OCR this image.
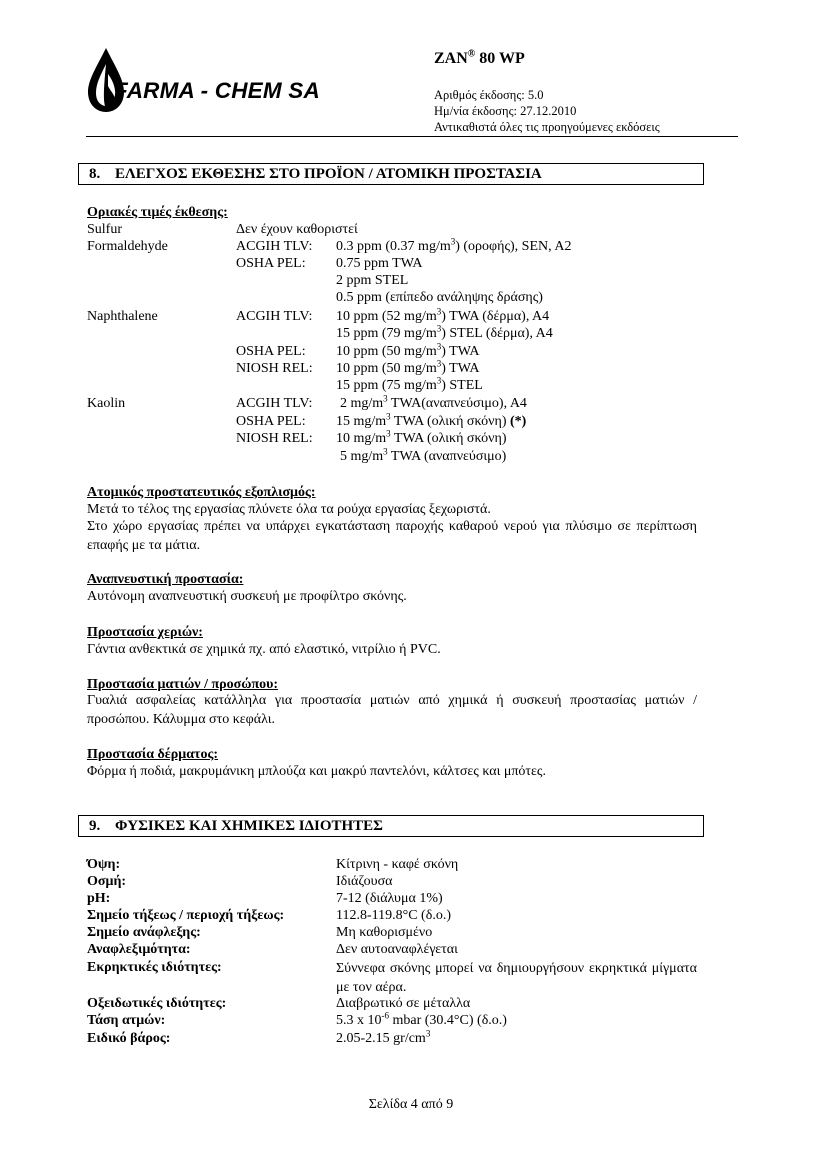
FARMA - CHEM SA
ZAN® 80 WP
Αριθμός έκδοσης: 5.0
Ημ/νία έκδοσης: 27.12.2010
Αντικαθιστά όλες τις προηγούμενες εκδόσεις
8. ΕΛΕΓΧΟΣ ΕΚΘΕΣΗΣ ΣΤΟ ΠΡΟΪΟΝ / ΑΤΟΜΙΚΗ ΠΡΟΣΤΑΣΙΑ
Οριακές τιμές έκθεσης:
Sulfur	Δεν έχουν καθοριστεί
Formaldehyde	ACGIH TLV: 0.3 ppm (0.37 $mg/m^3$) (οροφής), SEN, A2
OSHA PEL: 0.75 ppm TWA
2 ppm STEL
0.5 ppm (επίπεδο ανάληψης δράσης)
Naphthalene	ACGIH TLV: 10 ppm (52 $mg/m^3$) TWA (δέρμα), A4
15 ppm (79 $mg/m^3$) STEL (δέρμα), A4
OSHA PEL: 10 ppm (50 $mg/m^3$) TWA
NIOSH REL: 10 ppm (50 $mg/m^3$) TWA
15 ppm (75 $mg/m^3$) STEL
Kaolin	ACGIH TLV: 2 $mg/m^3$ TWA(αναπνεύσιμο), A4
OSHA PEL: 15 $mg/m^3$ TWA (ολική σκόνη) (*)
NIOSH REL: 10 $mg/m^3$ TWA (ολική σκόνη)
5 $mg/m^3$ TWA (αναπνεύσιμο)
Ατομικός προστατευτικός εξοπλισμός:
Μετά το τέλος της εργασίας πλύνετε όλα τα ρούχα εργασίας ξεχωριστά.
Στο χώρο εργασίας πρέπει να υπάρχει εγκατάσταση παροχής καθαρού νερού για πλύσιμο σε περίπτωση επαφής με τα μάτια.
Αναπνευστική προστασία:
Αυτόνομη αναπνευστική συσκευή με προφίλτρο σκόνης.
Προστασία χεριών:
Γάντια ανθεκτικά σε χημικά πχ. από ελαστικό, νιτρίλιο ή PVC.
Προστασία ματιών / προσώπου:
Γυαλιά ασφαλείας κατάλληλα για προστασία ματιών από χημικά ή συσκευή προστασίας ματιών / προσώπου. Κάλυμμα στο κεφάλι.
Προστασία δέρματος:
Φόρμα ή ποδιά, μακρυμάνικη μπλούζα και μακρύ παντελόνι, κάλτσες και μπότες.
9. ΦΥΣΙΚΕΣ ΚΑΙ ΧΗΜΙΚΕΣ ΙΔΙΟΤΗΤΕΣ
Όψη:	Κίτρινη - καφέ σκόνη
Οσμή:	Ιδιάζουσα
pH:	7-12 (διάλυμα 1%)
Σημείο τήξεως / περιοχή τήξεως:	112.8-119.8°C (δ.ο.)
Σημείο ανάφλεξης:	Μη καθορισμένο
Αναφλεξιμότητα:	Δεν αυτοαναφλέγεται
Εκρηκτικές ιδιότητες:	Σύννεφα σκόνης μπορεί να δημιουργήσουν εκρηκτικά μίγματα με τον αέρα.
Οξειδωτικές ιδιότητες:	Διαβρωτικό σε μέταλλα
Τάση ατμών:	5.3 x $10^{-6}$ mbar (30.4°C) (δ.ο.)
Ειδικό βάρος:	2.05-2.15 $gr/cm^3$
Σελίδα 4 από 9
